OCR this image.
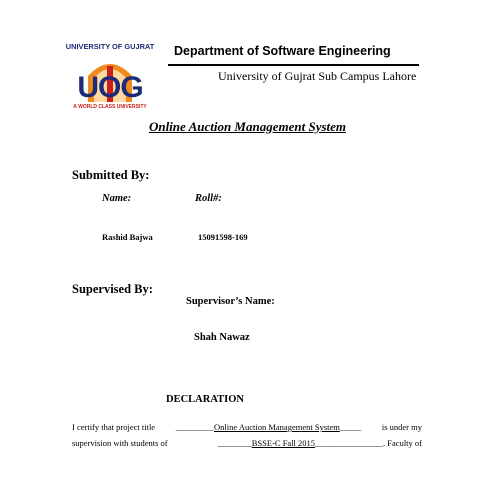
UNIVERSITY OF GUJRAT
UOG
A WORLD CLASS UNIVERSITY
Department of Software Engineering
University of Gujrat Sub Campus Lahore
Online Auction Management System
Submitted By:
Name:	Roll#:
Rashid Bajwa	15091598-169
Supervised By:
Supervisor’s Name:
Shah Nawaz
DECLARATION
I certify that project title _________Online Auction Management System_____ is under my
supervision with students of	________BSSE-C Fall 2015________________. Faculty of
